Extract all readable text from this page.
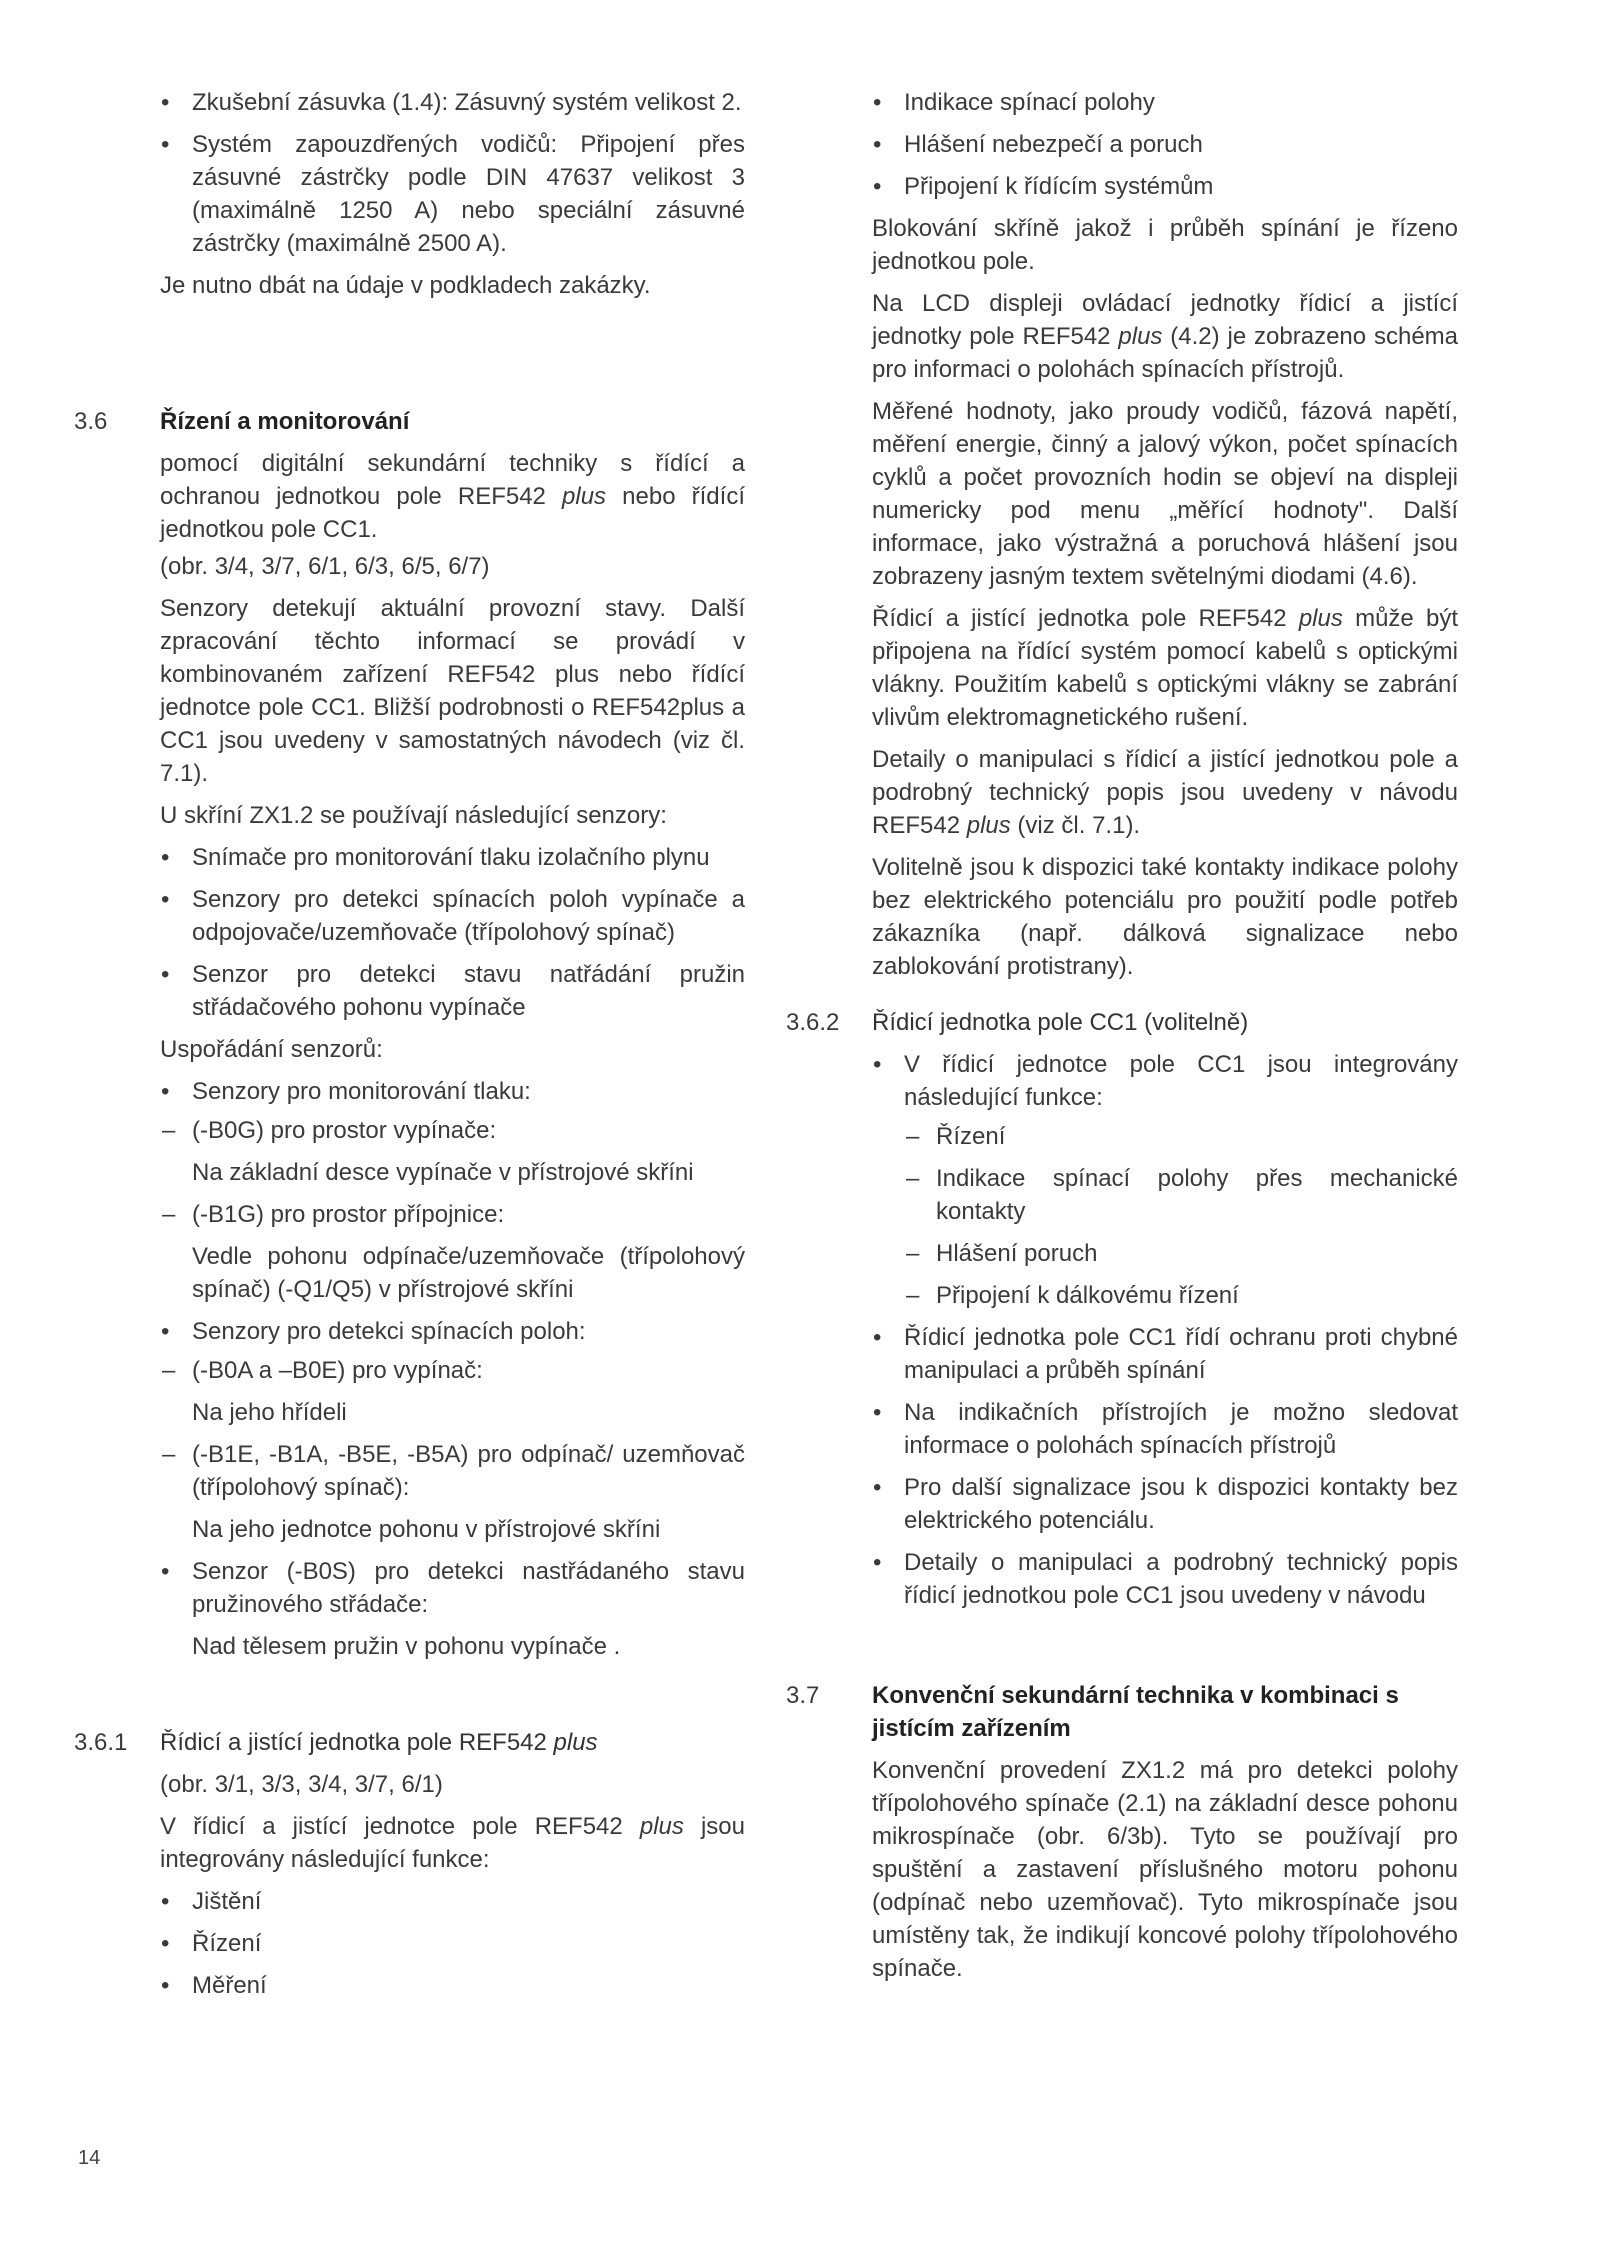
• Zkušební zásuvka (1.4): Zásuvný systém velikost 2.
• Systém zapouzdřených vodičů: Připojení přes zásuvné zástrčky podle DIN 47637 velikost 3 (maximálně 1250 A) nebo speciální zásuvné zástrčky (maximálně 2500 A).

Je nutno dbát na údaje v podkladech zakázky.

3.6	Řízení a monitorování

pomocí digitální sekundární techniky s řídící a ochranou jednotkou pole REF542 plus nebo řídící jednotkou pole CC1.

(obr. 3/4, 3/7, 6/1, 6/3, 6/5, 6/7)

Senzory detekují aktuální provozní stavy. Další zpracování těchto informací se provádí v kombinovaném zařízení REF542 plus nebo řídící jednotce pole CC1. Bližší podrobnosti o REF542plus a CC1 jsou uvedeny v samostatných návodech (viz čl. 7.1).

U skříní ZX1.2 se používají následující senzory:

• Snímače pro monitorování tlaku izolačního plynu
• Senzory pro detekci spínacích poloh vypínače a odpojovače/uzemňovače (třípolohový spínač)
• Senzor pro detekci stavu natřádání pružin střádačového pohonu vypínače

Uspořádání senzorů:

• Senzory pro monitorování tlaku:
– (-B0G) pro prostor vypínače:

Na základní desce vypínače v přístrojové skříni

– (-B1G) pro prostor přípojnice:

Vedle pohonu odpínače/uzemňovače (třípolohový spínač) (-Q1/Q5) v přístrojové skříni

• Senzory pro detekci spínacích poloh:
– (-B0A a –B0E) pro vypínač:

Na jeho hřídeli

– (-B1E, -B1A, -B5E, -B5A) pro odpínač/ uzemňovač (třípolohový spínač):

Na jeho jednotce pohonu v přístrojové skříni

• Senzor (-B0S) pro detekci nastřádaného stavu pružinového střádače:

Nad tělesem pružin v pohonu vypínače .

3.6.1	Řídicí a jistící jednotka pole REF542 plus

(obr. 3/1, 3/3, 3/4, 3/7, 6/1)

V řídicí a jistící jednotce pole REF542 plus jsou integrovány následující funkce:

• Jištění
• Řízení
• Měření
• Indikace spínací polohy
• Hlášení nebezpečí a poruch
• Připojení k řídícím systémům

Blokování skříně jakož i průběh spínání je řízeno jednotkou pole.

Na LCD displeji ovládací jednotky řídicí a jistící jednotky pole REF542 plus (4.2) je zobrazeno schéma pro informaci o polohách spínacích přístrojů.

Měřené hodnoty, jako proudy vodičů, fázová napětí, měření energie, činný a jalový výkon, počet spínacích cyklů a počet provozních hodin se objeví na displeji numericky pod menu „měřící hodnoty". Další informace, jako výstražná a poruchová hlášení jsou zobrazeny jasným textem světelnými diodami (4.6).

Řídicí a jistící jednotka pole REF542 plus může být připojena na řídící systém pomocí kabelů s optickými vlákny. Použitím kabelů s optickými vlákny se zabrání vlivům elektromagnetického rušení.

Detaily o manipulaci s řídicí a jistící jednotkou pole a podrobný technický popis jsou uvedeny v návodu REF542 plus (viz čl. 7.1).

Volitelně jsou k dispozici také kontakty indikace polohy bez elektrického potenciálu pro použití podle potřeb zákazníka (např. dálková signalizace nebo zablokování protistrany).

3.6.2	Řídicí jednotka pole CC1 (volitelně)
• V řídicí jednotce pole CC1 jsou integrovány následující funkce:
– Řízení
– Indikace spínací polohy přes mechanické kontakty
– Hlášení poruch
– Připojení k dálkovému řízení
• Řídicí jednotka pole CC1 řídí ochranu proti chybné manipulaci a průběh spínání
• Na indikačních přístrojích je možno sledovat informace o polohách spínacích přístrojů
• Pro další signalizace jsou k dispozici kontakty bez elektrického potenciálu.
• Detaily o manipulaci a podrobný technický popis řídicí jednotkou pole CC1 jsou uvedeny v návodu
3.7	Konvenční sekundární technika v kombinaci s jistícím zařízením

Konvenční provedení ZX1.2 má pro detekci polohy třípolohového spínače (2.1) na základní desce pohonu mikrospínače (obr. 6/3b). Tyto se používají pro spuštění a zastavení příslušného motoru pohonu (odpínač nebo uzemňovač). Tyto mikrospínače jsou umístěny tak, že indikují koncové polohy třípolohového spínače.

14
